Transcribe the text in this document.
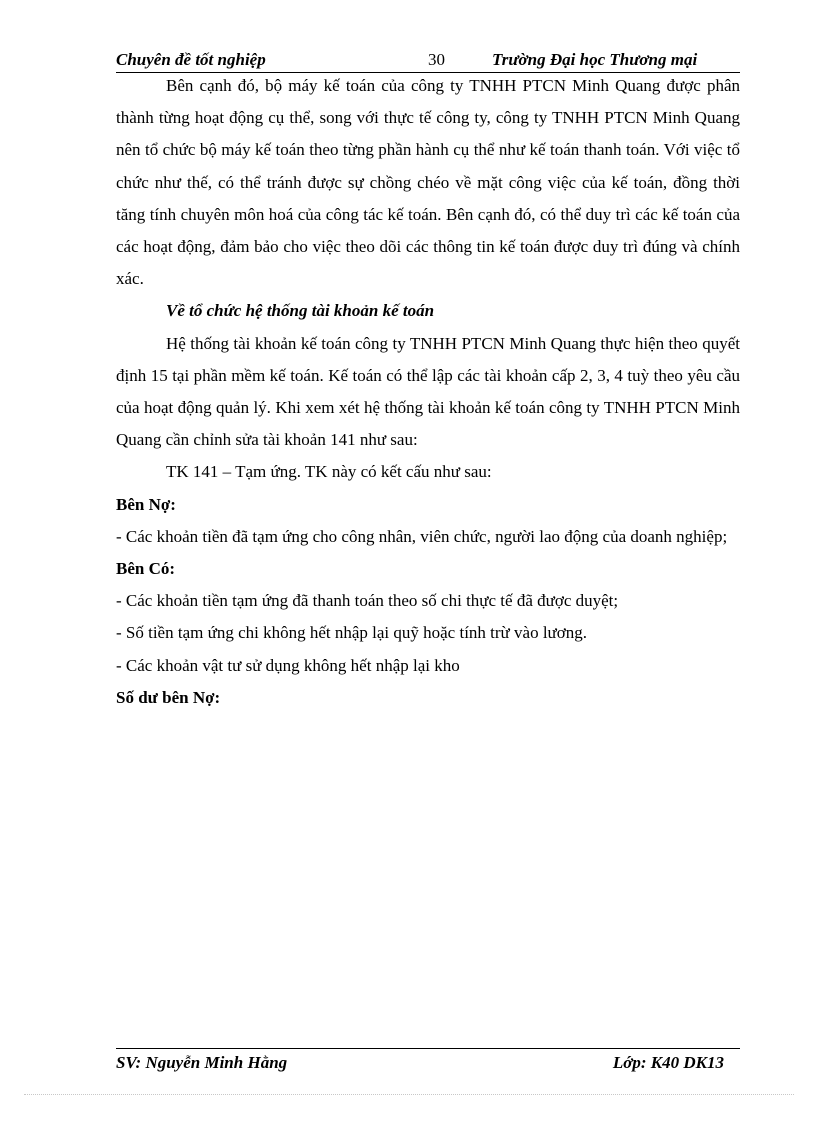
Chuyên đề tốt nghiệp	30	Trường Đại học Thương mại

Bên cạnh đó, bộ máy kế toán của công ty TNHH PTCN Minh Quang được phân thành từng hoạt động cụ thể, song với thực tế công ty, công ty TNHH PTCN Minh Quang nên tổ chức bộ máy kế toán theo từng phần hành cụ thể như kế toán thanh toán. Với việc tổ chức như thế, có thể tránh được sự chồng chéo về mặt công việc của kế toán, đồng thời tăng tính chuyên môn hoá của công tác kế toán. Bên cạnh đó, có thể duy trì các kế toán của các hoạt động, đảm bảo cho việc theo dõi các thông tin kế toán được duy trì đúng và chính xác.

Về tổ chức hệ thống tài khoản kế toán

Hệ thống tài khoản kế toán công ty TNHH PTCN Minh Quang thực hiện theo quyết định 15 tại phần mềm kế toán. Kế toán có thể lập các tài khoản cấp 2, 3, 4 tuỳ theo yêu cầu của hoạt động quản lý. Khi xem xét hệ thống tài khoản kế toán công ty TNHH PTCN Minh Quang cần chỉnh sửa tài khoản 141 như sau:

TK 141 – Tạm ứng. TK này có kết cấu như sau:

Bên Nợ:

- Các khoản tiền đã tạm ứng cho công nhân, viên chức, người lao động của doanh nghiệp;

Bên Có:

- Các khoản tiền tạm ứng đã thanh toán theo số chi thực tế đã được duyệt;

- Số tiền tạm ứng chi không hết nhập lại quỹ hoặc tính trừ vào lương.

- Các khoản vật tư sử dụng không hết nhập lại kho

Số dư bên Nợ:

SV: Nguyễn Minh Hằng	Lớp: K40 DK13
